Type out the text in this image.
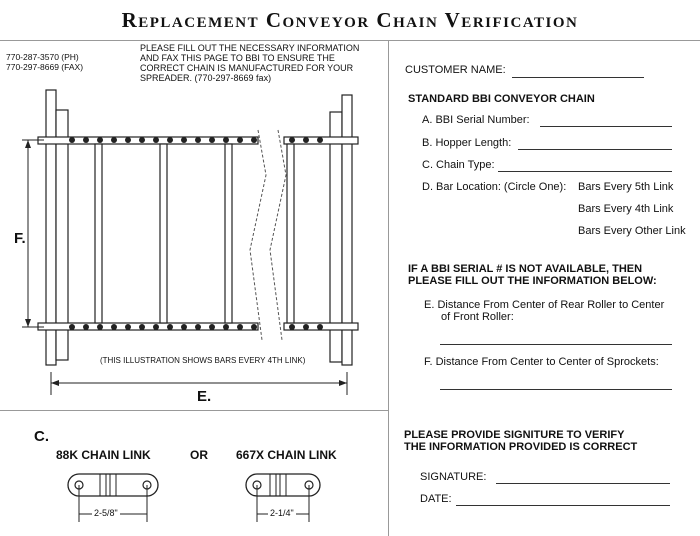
Replacement Conveyor Chain Verification
770-287-3570 (PH)
770-297-8669 (FAX)
PLEASE FILL OUT THE NECESSARY INFORMATION AND FAX THIS PAGE TO BBI TO ENSURE THE CORRECT CHAIN IS MANUFACTURED FOR YOUR SPREADER. (770-297-8669 fax)
F.
(THIS ILLUSTRATION SHOWS BARS EVERY 4TH LINK)
E.
C.
88K CHAIN LINK	OR 667X CHAIN LINK
2-5/8"	2-1/4"
CUSTOMER NAME:
STANDARD BBI CONVEYOR CHAIN
A. BBI Serial Number:
B. Hopper Length:
C. Chain Type:
D. Bar Location: (Circle One): Bars Every 5th Link
Bars Every 4th Link
Bars Every Other Link
IF A BBI SERIAL # IS NOT AVAILABLE, THEN
PLEASE FILL OUT THE INFORMATION BELOW:
E. Distance From Center of Rear Roller to Center
of Front Roller:
F. Distance From Center to Center of Sprockets:
PLEASE PROVIDE SIGNITURE TO VERIFY
THE INFORMATION PROVIDED IS CORRECT
SIGNATURE:
DATE:
